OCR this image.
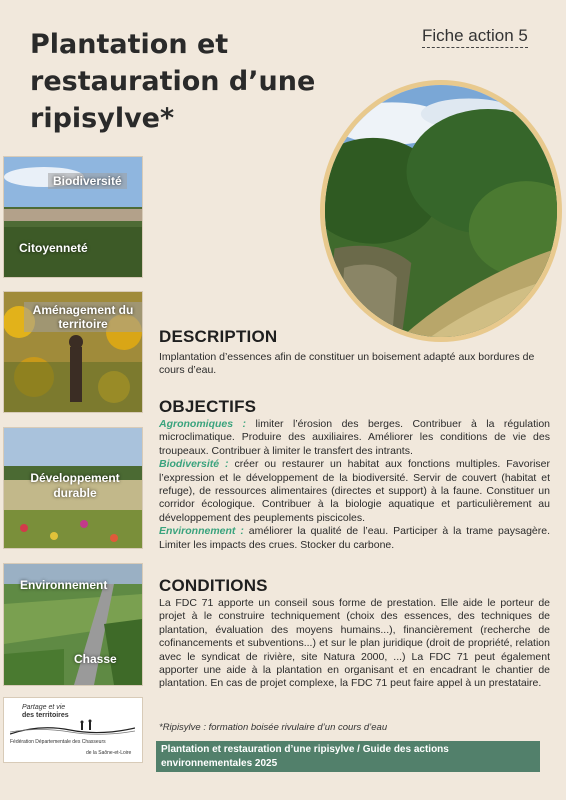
Plantation et restauration d’une ripisylve*
Fiche action 5
Biodiversité
Citoyenneté
Aménagement du territoire
Développement durable
Environnement
Chasse
Partage et vie
des territoires
Fédération Départementale des Chasseurs
de la Saône-et-Loire
DESCRIPTION

Implantation d’essences afin de constituer un boisement adapté aux bordures de cours d’eau.

OBJECTIFS
Agronomiques : limiter l’érosion des berges. Contribuer à la régulation microclimatique. Produire des auxiliaires. Améliorer les conditions de vie des troupeaux. Contribuer à limiter le transfert des intrants.
Biodiversité : créer ou restaurer un habitat aux fonctions multiples. Favoriser l’expression et le développement de la biodiversité. Servir de couvert (habitat et refuge), de ressources alimentaires (directes et support) à la faune. Constituer un corridor écologique. Contribuer à la biologie aquatique et particulièrement au développement des peuplements piscicoles.
Environnement : améliorer la qualité de l’eau. Participer à la trame paysagère. Limiter les impacts des crues. Stocker du carbone.
CONDITIONS

La FDC 71 apporte un conseil sous forme de prestation. Elle aide le porteur de projet à le construire techniquement (choix des essences, des techniques de plantation, évaluation des moyens humains...), financièrement (recherche de cofinancements et subventions...) et sur le plan juridique (droit de propriété, relation avec le syndicat de rivière, site Natura 2000, ...) La FDC 71 peut également apporter une aide à la plantation en organisant et en encadrant le chantier de plantation. En cas de projet complexe, la FDC 71 peut faire appel à un prestataire.

*Ripisylve : formation boisée rivulaire d’un cours d’eau
Plantation et restauration d’une ripisylve / Guide des actions environnementales 2025
